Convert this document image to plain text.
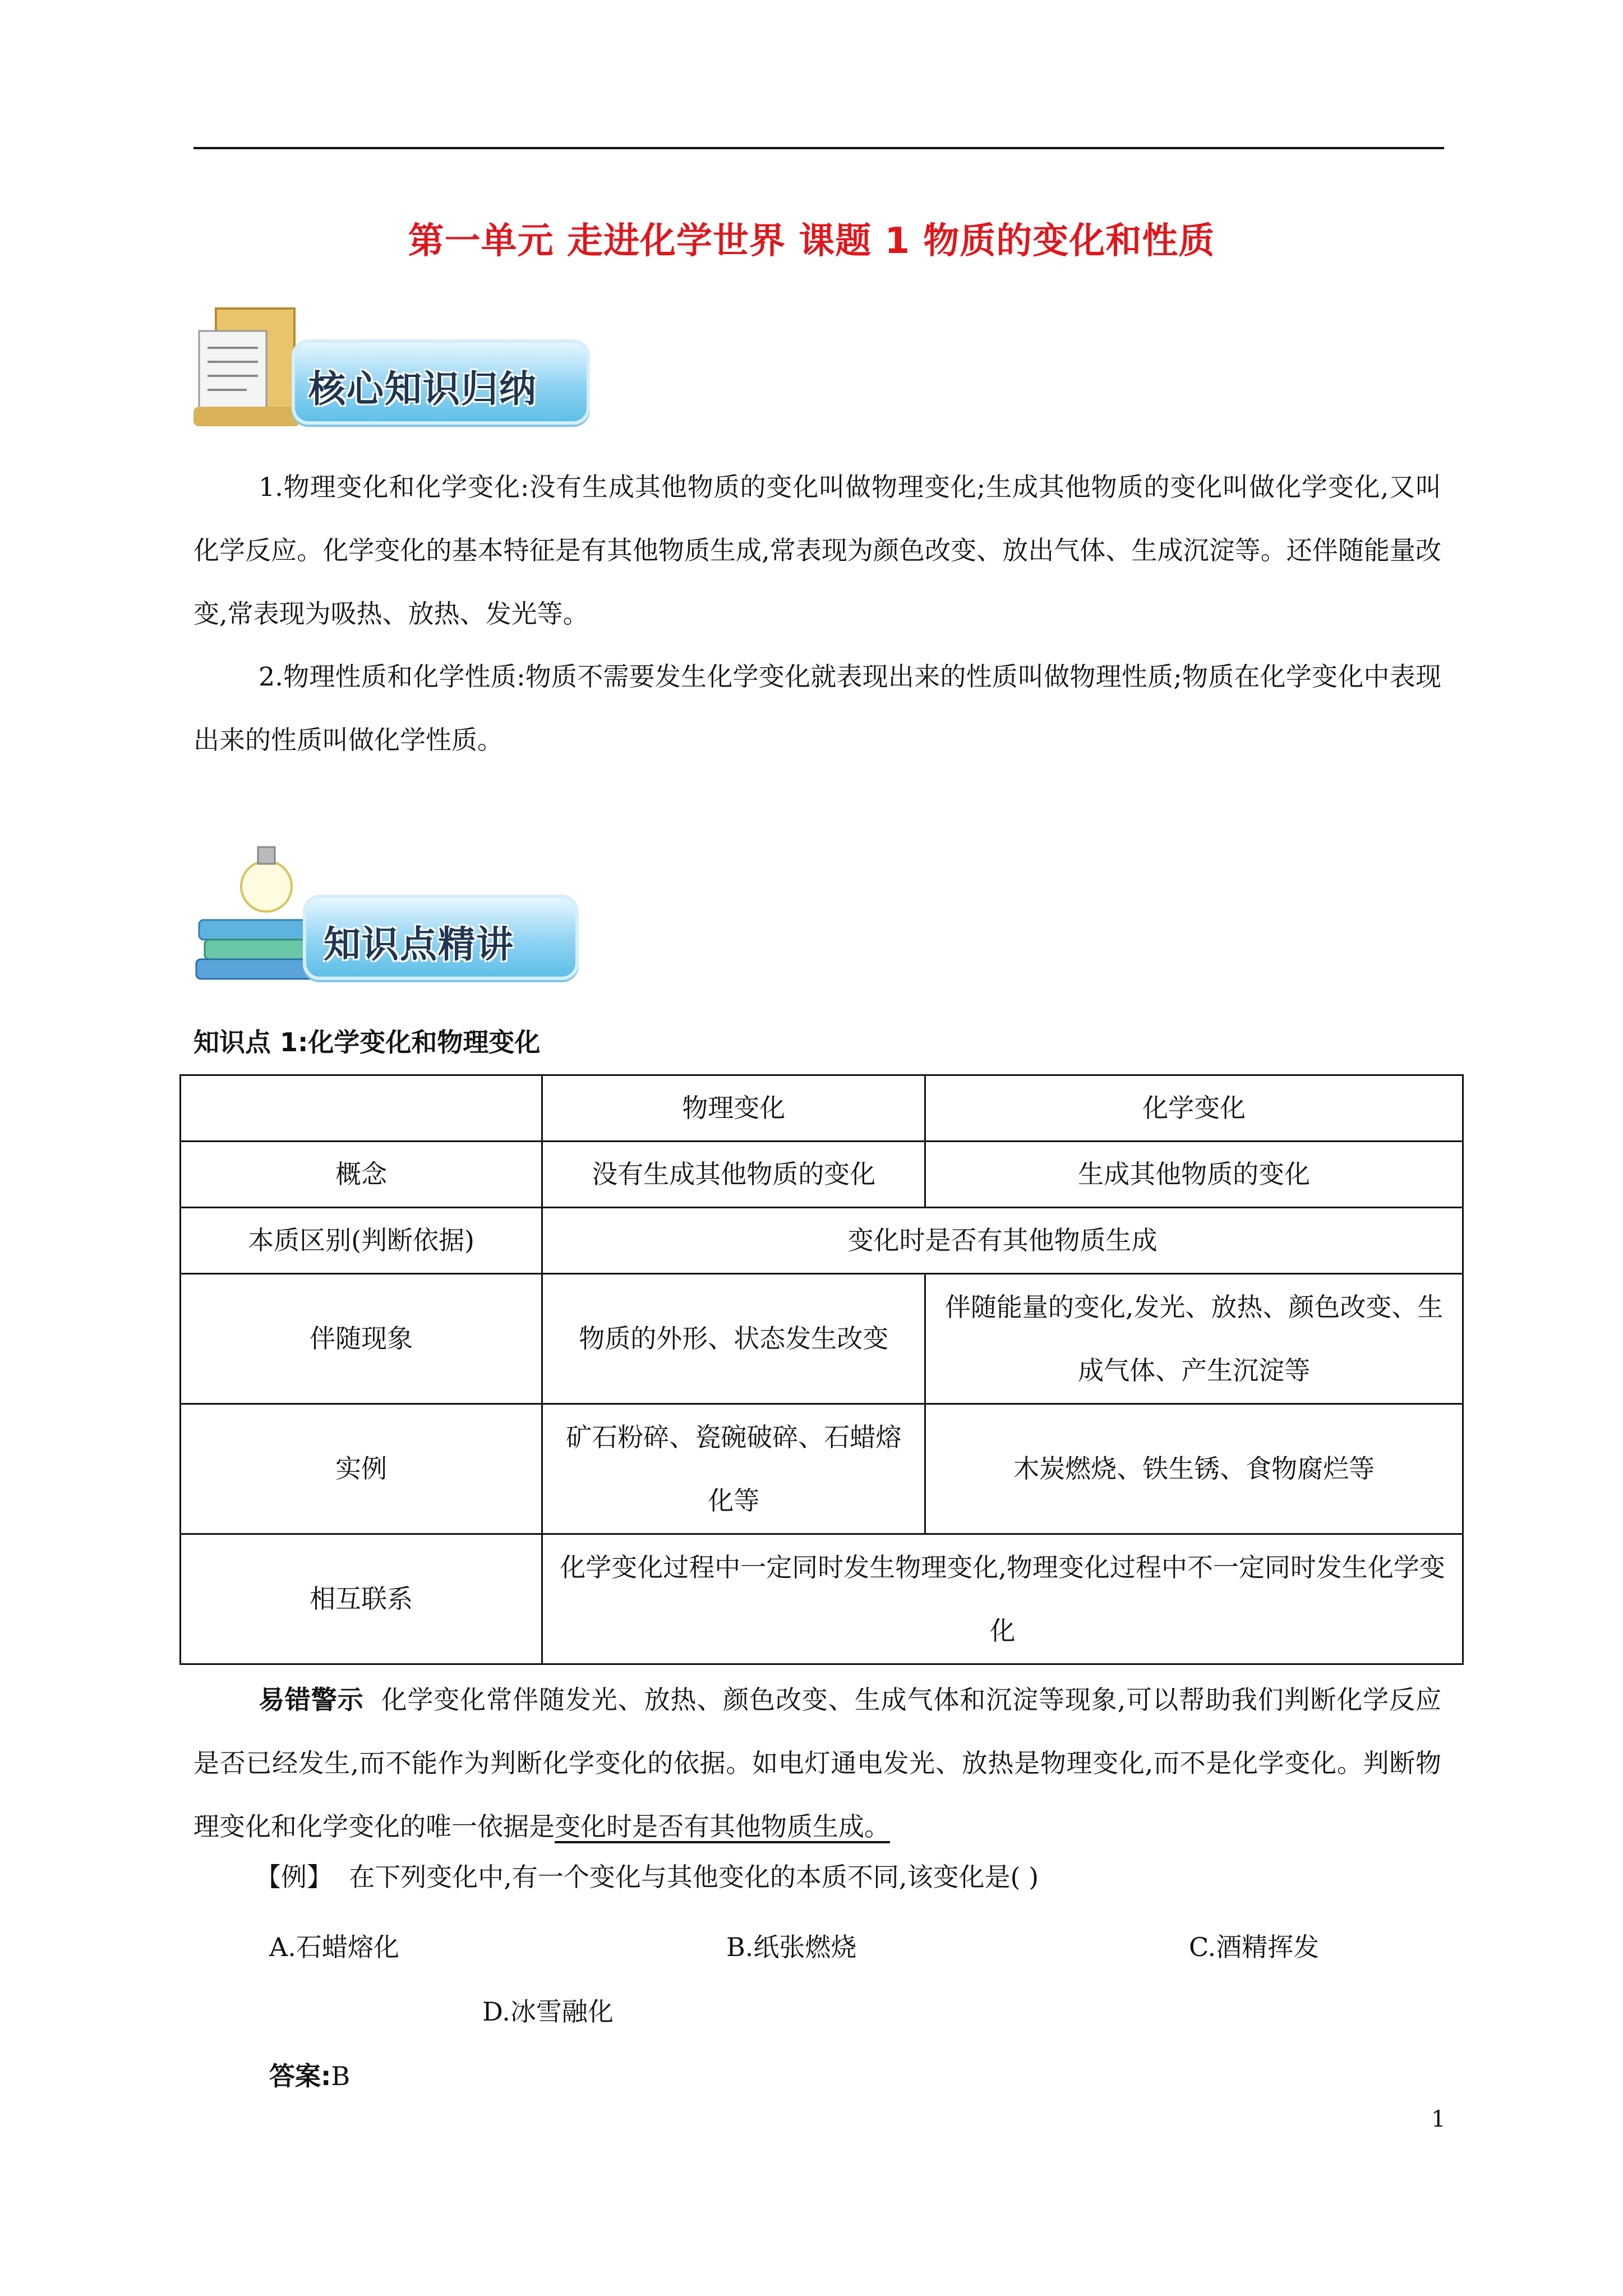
第一单元 走进化学世界 课题 1 物质的变化和性质
核心知识归纳
1.物理变化和化学变化:没有生成其他物质的变化叫做物理变化;生成其他物质的变化叫做化学变化,又叫化学反应。化学变化的基本特征是有其他物质生成,常表现为颜色改变、放出气体、生成沉淀等。还伴随能量改变,常表现为吸热、放热、发光等。
2.物理性质和化学性质:物质不需要发生化学变化就表现出来的性质叫做物理性质;物质在化学变化中表现出来的性质叫做化学性质。
知识点精讲
知识点 1:化学变化和物理变化
	物理变化	化学变化
概念	没有生成其他物质的变化	生成其他物质的变化
本质区别(判断依据)	变化时是否有其他物质生成	
伴随现象	物质的外形、状态发生改变	伴随能量的变化,发光、放热、颜色改变、生成气体、产生沉淀等
实例	矿石粉碎、瓷碗破碎、石蜡熔化等	木炭燃烧、铁生锈、食物腐烂等
相互联系	化学变化过程中一定同时发生物理变化,物理变化过程中不一定同时发生化学变化	
易错警示 化学变化常伴随发光、放热、颜色改变、生成气体和沉淀等现象,可以帮助我们判断化学反应是否已经发生,而不能作为判断化学变化的依据。如电灯通电发光、放热是物理变化,而不是化学变化。判断物理变化和化学变化的唯一依据是变化时是否有其他物质生成。
【例】 在下列变化中,有一个变化与其他变化的本质不同,该变化是( )
A.石蜡熔化	B.纸张燃烧	C.酒精挥发
D.冰雪融化
答案:B
1
